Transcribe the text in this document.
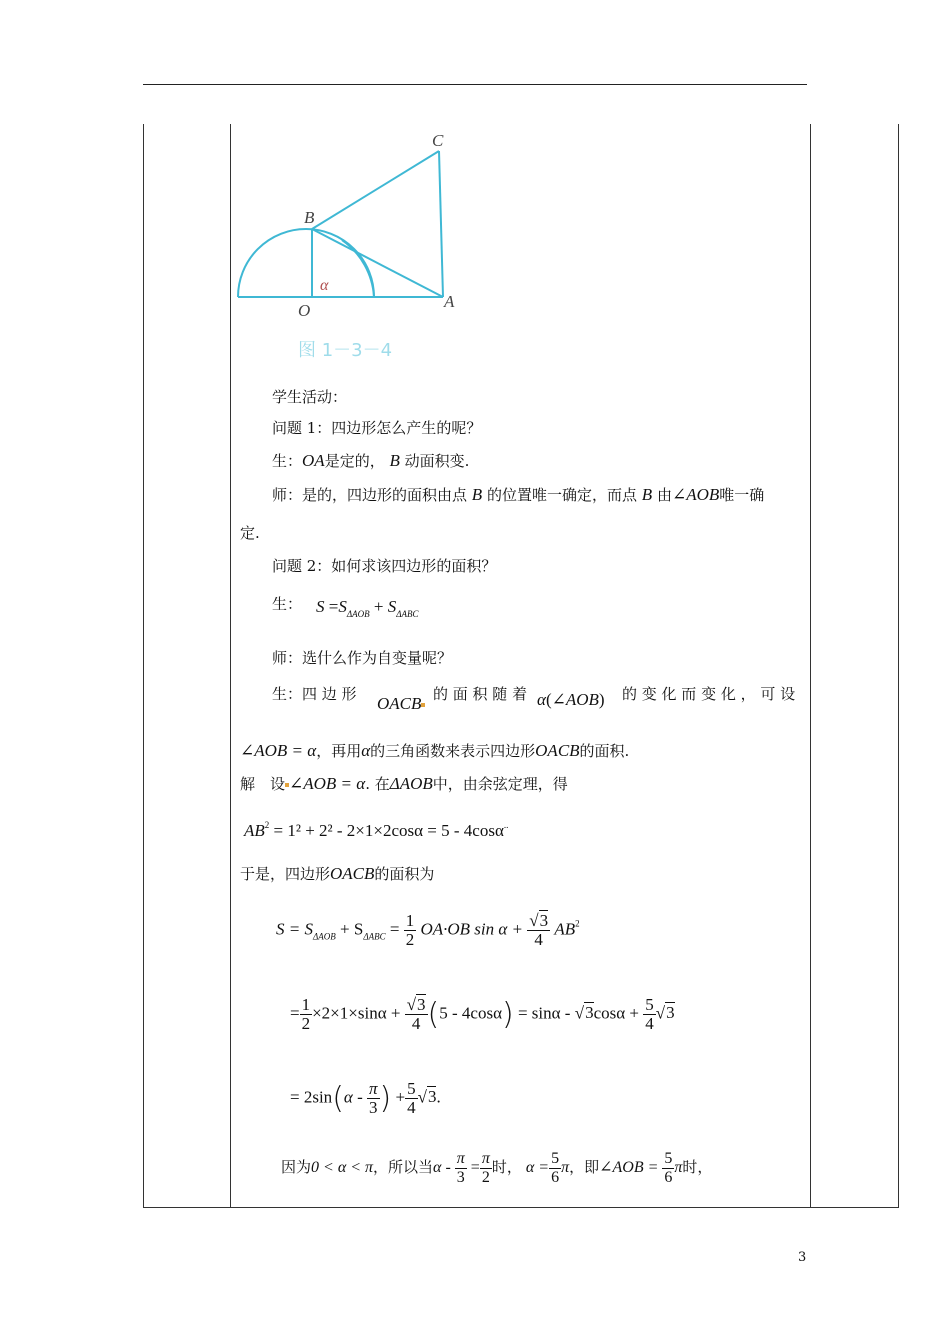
C
B
O	A
α
图 1－3－4
学生活动：
问题 1：四边形怎么产生的呢？
生：OA是定的， B 动面积变.
师：是的，四边形的面积由点 B 的位置唯一确定，而点 B 由∠AOB唯一确
定.
问题 2：如何求该四边形的面积？
生： $S =S_{\Delta AOB} + S_{\Delta ABC}$
师：选什么作为自变量呢？
生：四 边 形 OACB 的 面 积 随 着 α(∠AOB) 的 变 化 而 变 化 ， 可 设
∠AOB = α，再用α的三角函数来表示四边形OACB的面积.
解　设 ∠AOB = α. 在ΔAOB中，由余弦定理，得
$AB^2 = 1^2 + 2^2 - 2\times 1\times 2\cos\alpha = 5 - 4\cos\alpha^{..}$
于是，四边形OACB的面积为
$S = S_{\Delta AOB} + S_{\Delta ABC} = \frac{1}{2} OA\cdot OB$ $\sin \alpha + \frac{√3}{4} AB^2$
= $\frac{1}{2} \times 2\times 1\times\sin\alpha + \frac{√3}{4} (5 - 4\cos\alpha) = \sin\alpha - √3\cos\alpha + \frac{5}{4} √3$
= $2\sin(\alpha - \frac{\pi}{3}$ ) + $\frac{5}{4} √3$.
因为0 < α < π，所以当$\alpha - \frac{\pi}{3} = \frac{\pi}{2}$ 时， $\alpha = \frac{5}{6}$ π，即∠AOB = $\frac{5}{6}$ π时，
3
